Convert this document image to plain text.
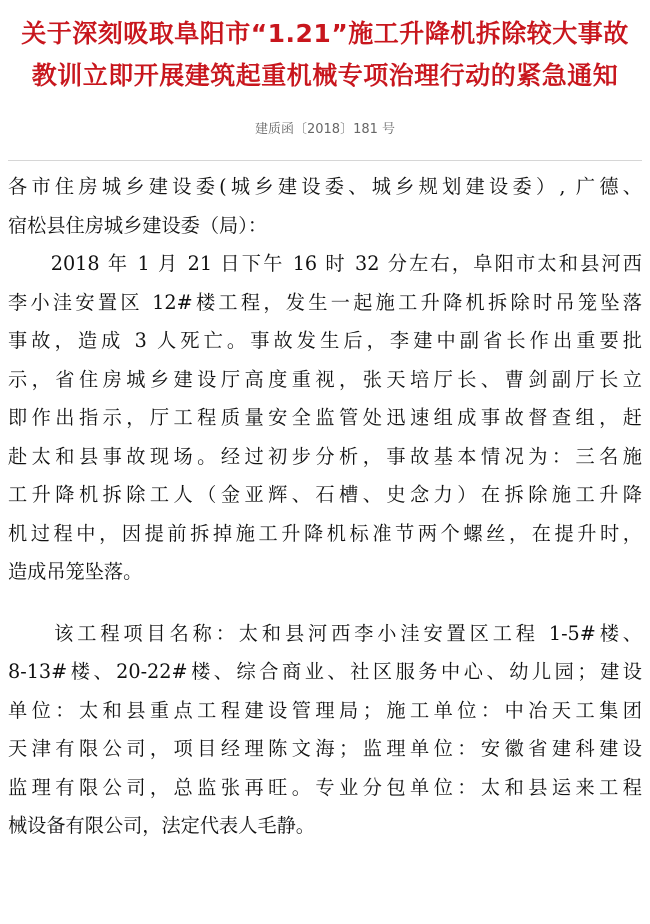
关于深刻吸取阜阳市“1.21”施工升降机拆除较大事故
教训立即开展建筑起重机械专项治理行动的紧急通知
建质函〔2018〕181 号
各市住房城乡建设委(城乡建设委、城乡规划建设委）, 广德、
宿松县住房城乡建设委（局）：
　　2018 年 1 月 21 日下午 16 时 32 分左右，阜阳市太和县河西
李小洼安置区 12#楼工程，发生一起施工升降机拆除时吊笼坠落
事故，造成 3 人死亡。事故发生后，李建中副省长作出重要批
示，省住房城乡建设厅高度重视，张天培厅长、曹剑副厅长立
即作出指示，厅工程质量安全监管处迅速组成事故督查组，赶
赴太和县事故现场。经过初步分析，事故基本情况为：三名施
工升降机拆除工人（金亚辉、石槽、史念力）在拆除施工升降
机过程中，因提前拆掉施工升降机标准节两个螺丝，在提升时，
造成吊笼坠落。
　　该工程项目名称：太和县河西李小洼安置区工程 1-5#楼、
8-13#楼、20-22#楼、综合商业、社区服务中心、幼儿园；建设
单位：太和县重点工程建设管理局；施工单位：中冶天工集团
天津有限公司，项目经理陈文海；监理单位：安徽省建科建设
监理有限公司，总监张再旺。专业分包单位：太和县运来工程
械设备有限公司，法定代表人毛静。
